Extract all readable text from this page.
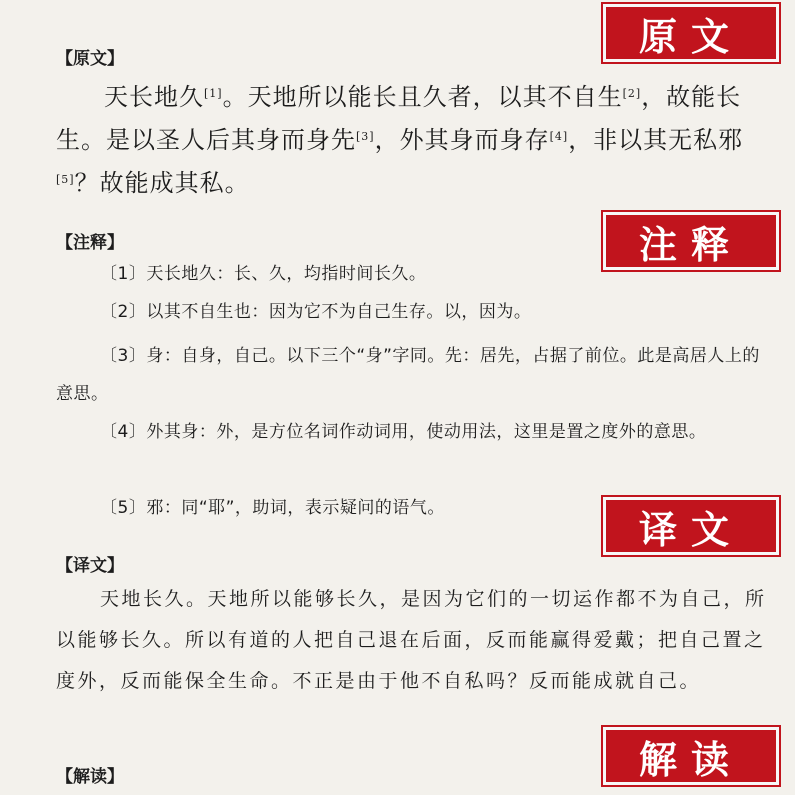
原文
【原文】
天长地久[1]。天地所以能长且久者，以其不自生[2]，故能长生。是以圣人后其身而身先[3]，外其身而身存[4]，非以其无私邪[5]？故能成其私。
注释
【注释】
〔1〕天长地久：长、久，均指时间长久。
〔2〕以其不自生也：因为它不为自己生存。以，因为。
〔3〕身：自身，自己。以下三个“身”字同。先：居先，占据了前位。此是高居人上的意思。
〔4〕外其身：外，是方位名词作动词用，使动用法，这里是置之度外的意思。
〔5〕邪：同“耶”，助词，表示疑问的语气。	译文
【译文】
天地长久。天地所以能够长久，是因为它们的一切运作都不为自己，所以能够长久。所以有道的人把自己退在后面，反而能赢得爱戴；把自己置之度外，反而能保全生命。不正是由于他不自私吗？反而能成就自己。
解读
【解读】
